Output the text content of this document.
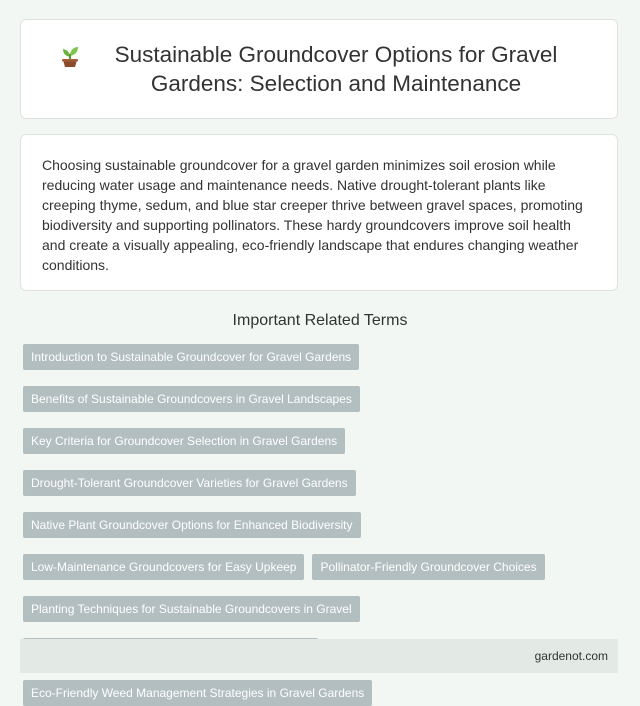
Sustainable Groundcover Options for Gravel Gardens: Selection and Maintenance

Choosing sustainable groundcover for a gravel garden minimizes soil erosion while reducing water usage and maintenance needs. Native drought-tolerant plants like creeping thyme, sedum, and blue star creeper thrive between gravel spaces, promoting biodiversity and supporting pollinators. These hardy groundcovers improve soil health and create a visually appealing, eco-friendly landscape that endures changing weather conditions.

Important Related Terms
Introduction to Sustainable Groundcover for Gravel Gardens
Benefits of Sustainable Groundcovers in Gravel Landscapes
Key Criteria for Groundcover Selection in Gravel Gardens
Drought-Tolerant Groundcover Varieties for Gravel Gardens
Native Plant Groundcover Options for Enhanced Biodiversity
Low-Maintenance Groundcovers for Easy Upkeep	Pollinator-Friendly Groundcover Choices
Planting Techniques for Sustainable Groundcovers in Gravel
Eco-Friendly Weed Management Strategies in Gravel Gardens
gardenot.com
